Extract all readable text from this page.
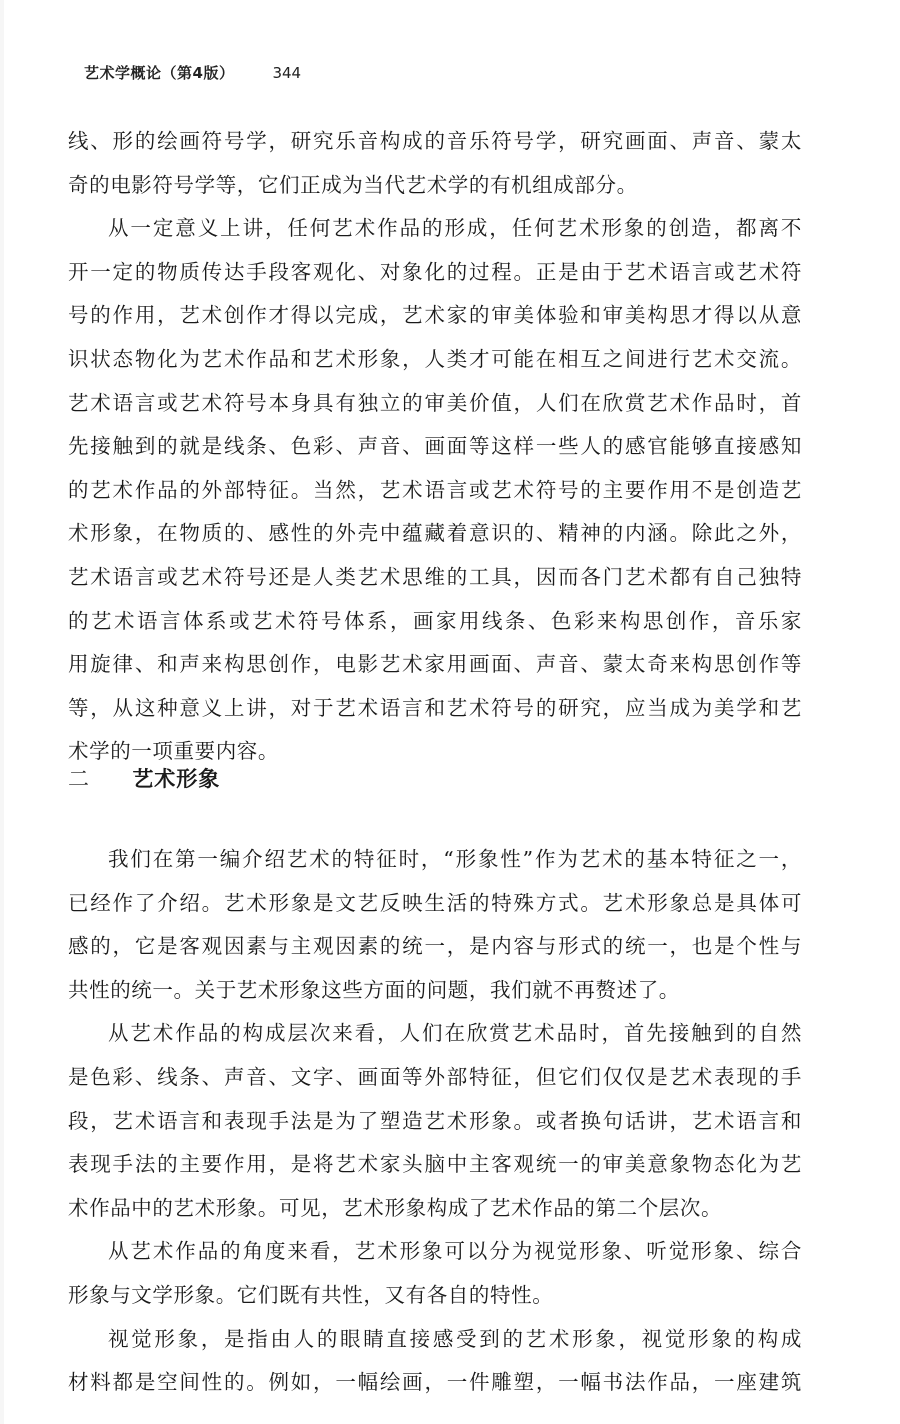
艺术学概论（第4版）	344
线、形的绘画符号学，研究乐音构成的音乐符号学，研究画面、声音、蒙太
奇的电影符号学等，它们正成为当代艺术学的有机组成部分。
从一定意义上讲，任何艺术作品的形成，任何艺术形象的创造，都离不
开一定的物质传达手段客观化、对象化的过程。正是由于艺术语言或艺术符
号的作用，艺术创作才得以完成，艺术家的审美体验和审美构思才得以从意
识状态物化为艺术作品和艺术形象，人类才可能在相互之间进行艺术交流。
艺术语言或艺术符号本身具有独立的审美价值，人们在欣赏艺术作品时，首
先接触到的就是线条、色彩、声音、画面等这样一些人的感官能够直接感知
的艺术作品的外部特征。当然，艺术语言或艺术符号的主要作用不是创造艺
术形象，在物质的、感性的外壳中蕴藏着意识的、精神的内涵。除此之外，
艺术语言或艺术符号还是人类艺术思维的工具，因而各门艺术都有自己独特
的艺术语言体系或艺术符号体系，画家用线条、色彩来构思创作，音乐家
用旋律、和声来构思创作，电影艺术家用画面、声音、蒙太奇来构思创作等
等，从这种意义上讲，对于艺术语言和艺术符号的研究，应当成为美学和艺
术学的一项重要内容。
二 艺术形象
我们在第一编介绍艺术的特征时，“形象性”作为艺术的基本特征之一，
已经作了介绍。艺术形象是文艺反映生活的特殊方式。艺术形象总是具体可
感的，它是客观因素与主观因素的统一，是内容与形式的统一，也是个性与
共性的统一。关于艺术形象这些方面的问题，我们就不再赘述了。
从艺术作品的构成层次来看，人们在欣赏艺术品时，首先接触到的自然
是色彩、线条、声音、文字、画面等外部特征，但它们仅仅是艺术表现的手
段，艺术语言和表现手法是为了塑造艺术形象。或者换句话讲，艺术语言和
表现手法的主要作用，是将艺术家头脑中主客观统一的审美意象物态化为艺
术作品中的艺术形象。可见，艺术形象构成了艺术作品的第二个层次。
从艺术作品的角度来看，艺术形象可以分为视觉形象、听觉形象、综合
形象与文学形象。它们既有共性，又有各自的特性。
视觉形象，是指由人的眼睛直接感受到的艺术形象，视觉形象的构成
材料都是空间性的。例如，一幅绘画，一件雕塑，一幅书法作品，一座建筑
